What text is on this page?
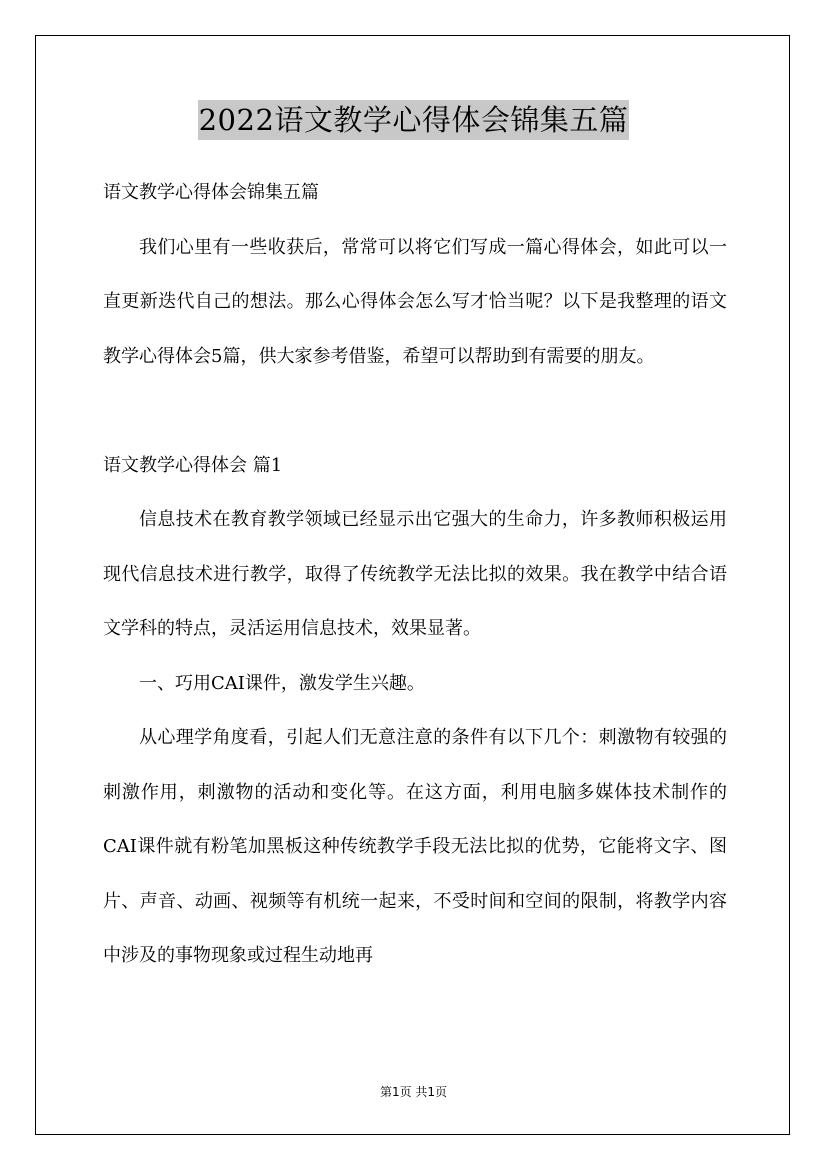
2022语文教学心得体会锦集五篇

语文教学心得体会锦集五篇

我们心里有一些收获后，常常可以将它们写成一篇心得体会，如此可以一直更新迭代自己的想法。那么心得体会怎么写才恰当呢？以下是我整理的语文教学心得体会5篇，供大家参考借鉴，希望可以帮助到有需要的朋友。

语文教学心得体会 篇1

信息技术在教育教学领域已经显示出它强大的生命力，许多教师积极运用现代信息技术进行教学，取得了传统教学无法比拟的效果。我在教学中结合语文学科的特点，灵活运用信息技术，效果显著。

一、巧用CAI课件，激发学生兴趣。

从心理学角度看，引起人们无意注意的条件有以下几个：刺激物有较强的刺激作用，刺激物的活动和变化等。在这方面，利用电脑多媒体技术制作的CAI课件就有粉笔加黑板这种传统教学手段无法比拟的优势，它能将文字、图片、声音、动画、视频等有机统一起来，不受时间和空间的限制，将教学内容中涉及的事物现象或过程生动地再

第1页 共1页
